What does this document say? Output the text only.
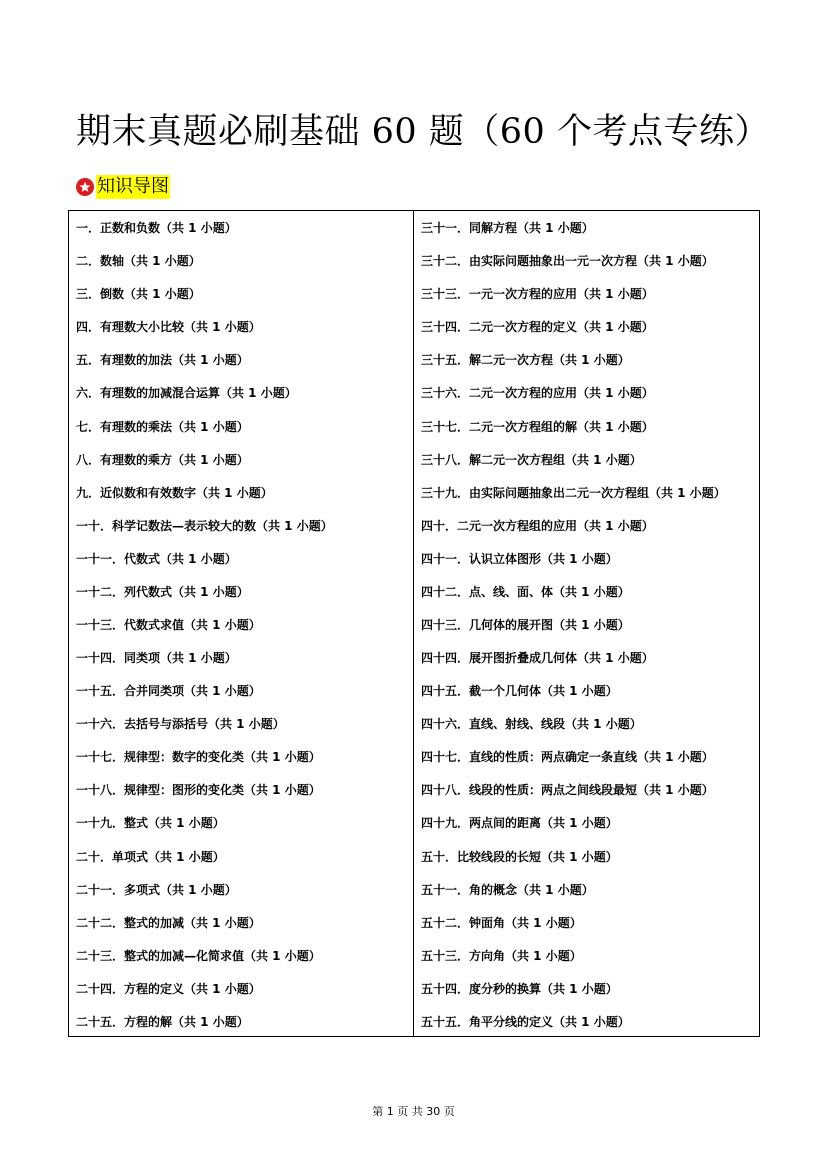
期末真题必刷基础 60 题（60 个考点专练）
知识导图
一．正数和负数（共 1 小题）
二．数轴（共 1 小题）
三．倒数（共 1 小题）
四．有理数大小比较（共 1 小题）
五．有理数的加法（共 1 小题）
六．有理数的加减混合运算（共 1 小题）
七．有理数的乘法（共 1 小题）
八．有理数的乘方（共 1 小题）
九．近似数和有效数字（共 1 小题）
一十．科学记数法—表示较大的数（共 1 小题）
一十一．代数式（共 1 小题）
一十二．列代数式（共 1 小题）
一十三．代数式求值（共 1 小题）
一十四．同类项（共 1 小题）
一十五．合并同类项（共 1 小题）
一十六．去括号与添括号（共 1 小题）
一十七．规律型：数字的变化类（共 1 小题）
一十八．规律型：图形的变化类（共 1 小题）
一十九．整式（共 1 小题）
二十．单项式（共 1 小题）
二十一．多项式（共 1 小题）
二十二．整式的加减（共 1 小题）
二十三．整式的加减—化简求值（共 1 小题）
二十四．方程的定义（共 1 小题）
二十五．方程的解（共 1 小题）
三十一．同解方程（共 1 小题）
三十二．由实际问题抽象出一元一次方程（共 1 小题）
三十三．一元一次方程的应用（共 1 小题）
三十四．二元一次方程的定义（共 1 小题）
三十五．解二元一次方程（共 1 小题）
三十六．二元一次方程的应用（共 1 小题）
三十七．二元一次方程组的解（共 1 小题）
三十八．解二元一次方程组（共 1 小题）
三十九．由实际问题抽象出二元一次方程组（共 1 小题）
四十．二元一次方程组的应用（共 1 小题）
四十一．认识立体图形（共 1 小题）
四十二．点、线、面、体（共 1 小题）
四十三．几何体的展开图（共 1 小题）
四十四．展开图折叠成几何体（共 1 小题）
四十五．截一个几何体（共 1 小题）
四十六．直线、射线、线段（共 1 小题）
四十七．直线的性质：两点确定一条直线（共 1 小题）
四十八．线段的性质：两点之间线段最短（共 1 小题）
四十九．两点间的距离（共 1 小题）
五十．比较线段的长短（共 1 小题）
五十一．角的概念（共 1 小题）
五十二．钟面角（共 1 小题）
五十三．方向角（共 1 小题）
五十四．度分秒的换算（共 1 小题）
五十五．角平分线的定义（共 1 小题）
第 1 页 共 30 页
